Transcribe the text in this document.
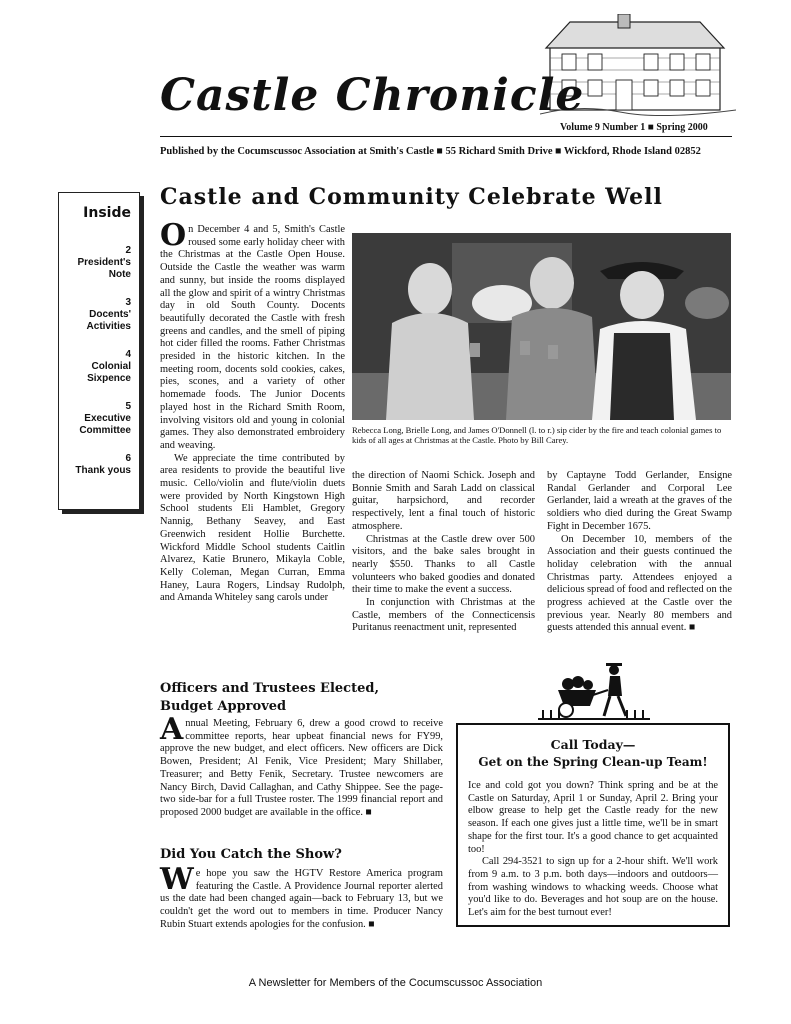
Castle Chronicle
Volume 9 Number 1 ■ Spring 2000
Published by the Cocumscussoc Association at Smith's Castle ■ 55 Richard Smith Drive ■ Wickford, Rhode Island 02852
Inside
2
President's Note
3
Docents' Activities
4
Colonial Sixpence
5
Executive Committee
6
Thank yous
Castle and Community Celebrate Well

On December 4 and 5, Smith's Castle roused some early holiday cheer with the Christmas at the Castle Open House. Outside the Castle the weather was warm and sunny, but inside the rooms displayed all the glow and spirit of a wintry Christmas day in old South County. Docents beautifully decorated the Castle with fresh greens and candles, and the smell of piping hot cider filled the rooms. Father Christmas presided in the historic kitchen. In the meeting room, docents sold cookies, cakes, pies, scones, and a variety of other homemade foods. The Junior Docents played host in the Richard Smith Room, involving visitors old and young in colonial games. They also demonstrated embroidery and weaving.

We appreciate the time contributed by area residents to provide the beautiful live music. Cello/violin and flute/violin duets were provided by North Kingstown High School students Eli Hamblet, Gregory Nannig, Bethany Seavey, and East Greenwich resident Hollie Burchette. Wickford Middle School students Caitlin Alvarez, Katie Brunero, Mikayla Coble, Kelly Coleman, Megan Curran, Emma Haney, Laura Rogers, Lindsay Rudolph, and Amanda Whiteley sang carols under

Rebecca Long, Brielle Long, and James O'Donnell (l. to r.) sip cider by the fire and teach colonial games to kids of all ages at Christmas at the Castle. Photo by Bill Carey.

the direction of Naomi Schick. Joseph and Bonnie Smith and Sarah Ladd on classical guitar, harpsichord, and recorder respectively, lent a final touch of historic atmosphere.

Christmas at the Castle drew over 500 visitors, and the bake sales brought in nearly $550. Thanks to all Castle volunteers who baked goodies and donated their time to make the event a success.

In conjunction with Christmas at the Castle, members of the Connecticensis Puritanus reenactment unit, represented

by Captayne Todd Gerlander, Ensigne Randal Gerlander and Corporal Lee Gerlander, laid a wreath at the graves of the soldiers who died during the Great Swamp Fight in December 1675.

On December 10, members of the Association and their guests continued the holiday celebration with the annual Christmas party. Attendees enjoyed a delicious spread of food and reflected on the progress achieved at the Castle over the previous year. Nearly 80 members and guests attended this annual event. ■

Officers and Trustees Elected,
Budget Approved

Annual Meeting, February 6, drew a good crowd to receive committee reports, hear upbeat financial news for FY99, approve the new budget, and elect officers. New officers are Dick Bowen, President; Al Fenik, Vice President; Mary Shillaber, Treasurer; and Betty Fenik, Secretary. Trustee newcomers are Nancy Birch, David Callaghan, and Cathy Shippee. See the page-two side-bar for a full Trustee roster. The 1999 financial report and proposed 2000 budget are available in the office. ■

Did You Catch the Show?

We hope you saw the HGTV Restore America program featuring the Castle. A Providence Journal reporter alerted us the date had been changed again—back to February 13, but we couldn't get the word out to members in time. Producer Nancy Rubin Stuart extends apologies for the confusion. ■

Call Today—
Get on the Spring Clean-up Team!

Ice and cold got you down? Think spring and be at the Castle on Saturday, April 1 or Sunday, April 2. Bring your elbow grease to help get the Castle ready for the new season. If each one gives just a little time, we'll be in smart shape for the first tour. It's a good chance to get acquainted too!

Call 294-3521 to sign up for a 2-hour shift. We'll work from 9 a.m. to 3 p.m. both days—indoors and outdoors—from washing windows to whacking weeds. Choose what you'd like to do. Beverages and hot soup are on the house. Let's aim for the best turnout ever!

A Newsletter for Members of the Cocumscussoc Association
